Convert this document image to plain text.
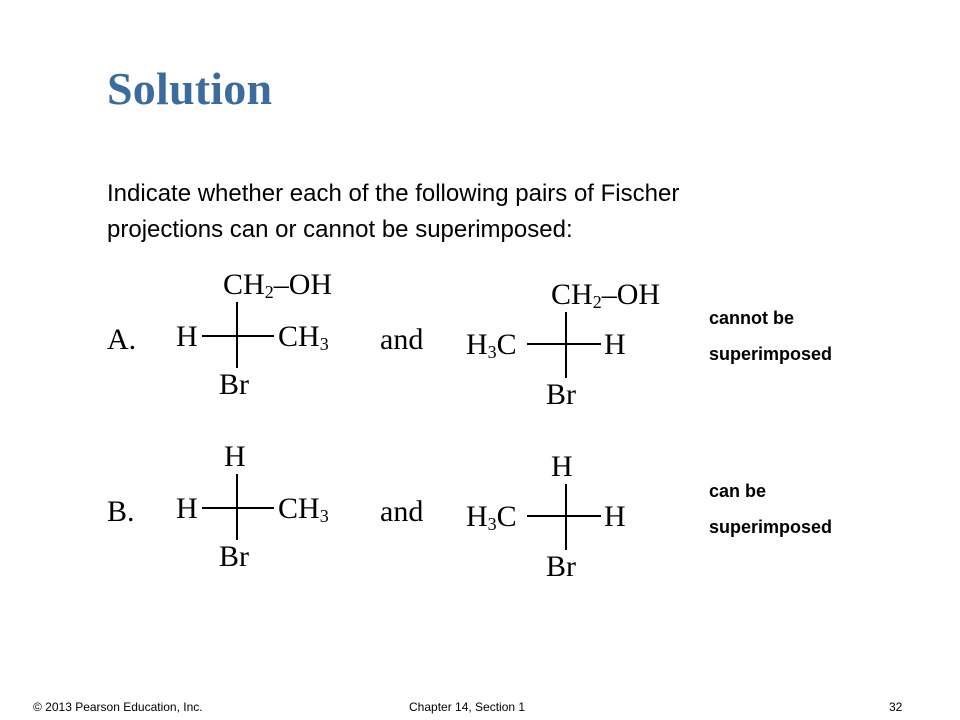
Solution
Indicate whether each of the following pairs of Fischer
projections can or cannot be superimposed:
A.
$CH_2-OH$
H	$CH_3$
Br
and
$CH_2-OH$
$H_3C$	H
Br
cannot be
superimposed
B.
H
H	$CH_3$
Br
and
H
$H_3C$	H
Br
can be
superimposed
© 2013 Pearson Education, Inc.	Chapter 14, Section 1	32
